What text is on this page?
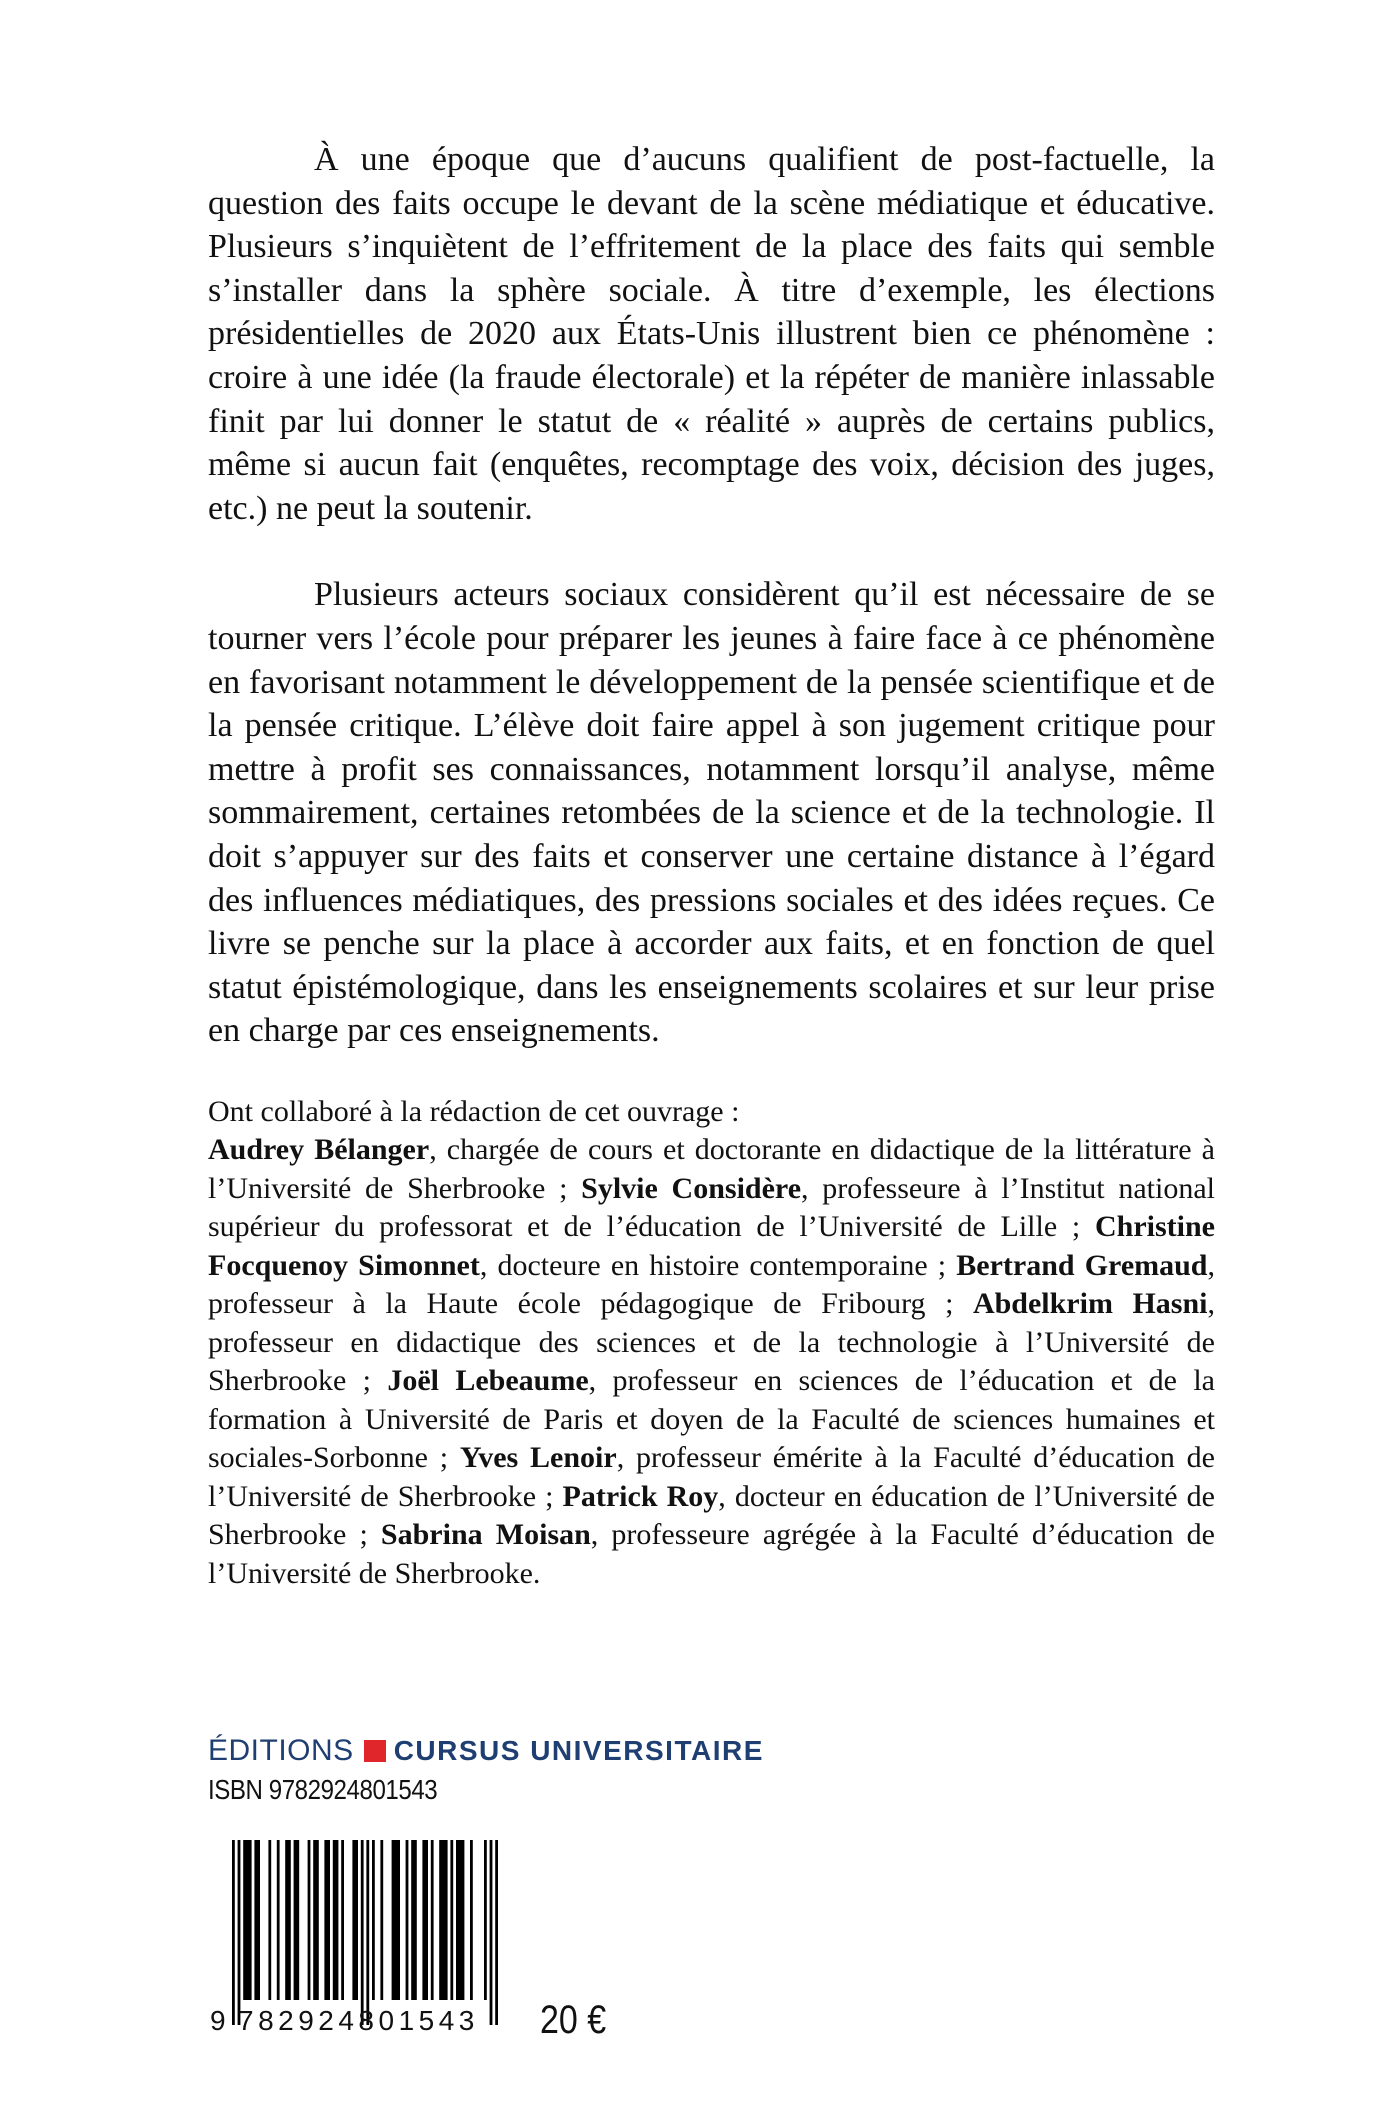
À une époque que d’aucuns qualifient de post-factuelle, la question des faits occupe le devant de la scène médiatique et éducative. Plusieurs s’inquiètent de l’effritement de la place des faits qui semble s’installer dans la sphère sociale. À titre d’exemple, les élections présidentielles de 2020 aux États-Unis illustrent bien ce phénomène : croire à une idée (la fraude électorale) et la répéter de manière inlassable finit par lui donner le statut de « réalité » auprès de certains publics, même si aucun fait (enquêtes, recomptage des voix, décision des juges, etc.) ne peut la soutenir.

Plusieurs acteurs sociaux considèrent qu’il est nécessaire de se tourner vers l’école pour préparer les jeunes à faire face à ce phénomène en favorisant notamment le développement de la pensée scientifique et de la pensée critique. L’élève doit faire appel à son jugement critique pour mettre à profit ses connaissances, notamment lorsqu’il analyse, même sommairement, certaines retombées de la science et de la technologie. Il doit s’appuyer sur des faits et conserver une certaine distance à l’égard des influences médiatiques, des pressions sociales et des idées reçues. Ce livre se penche sur la place à accorder aux faits, et en fonction de quel statut épistémologique, dans les enseignements scolaires et sur leur prise en charge par ces enseignements.

Ont collaboré à la rédaction de cet ouvrage :

Audrey Bélanger, chargée de cours et doctorante en didactique de la littérature à l’Université de Sherbrooke ; Sylvie Considère, professeure à l’Institut national supérieur du professorat et de l’éducation de l’Université de Lille ; Christine Focquenoy Simonnet, docteure en histoire contemporaine ; Bertrand Gremaud, professeur à la Haute école pédagogique de Fribourg ; Abdelkrim Hasni, professeur en didactique des sciences et de la technologie à l’Université de Sherbrooke ; Joël Lebeaume, professeur en sciences de l’éducation et de la formation à Université de Paris et doyen de la Faculté de sciences humaines et sociales-Sorbonne ; Yves Lenoir, professeur émérite à la Faculté d’éducation de l’Université de Sherbrooke ; Patrick Roy, docteur en éducation de l’Université de Sherbrooke ; Sabrina Moisan, professeure agrégée à la Faculté d’éducation de l’Université de Sherbrooke.

ÉDITIONS CURSUS UNIVERSITAIRE
ISBN 9782924801543
9 782924801543	20 €
